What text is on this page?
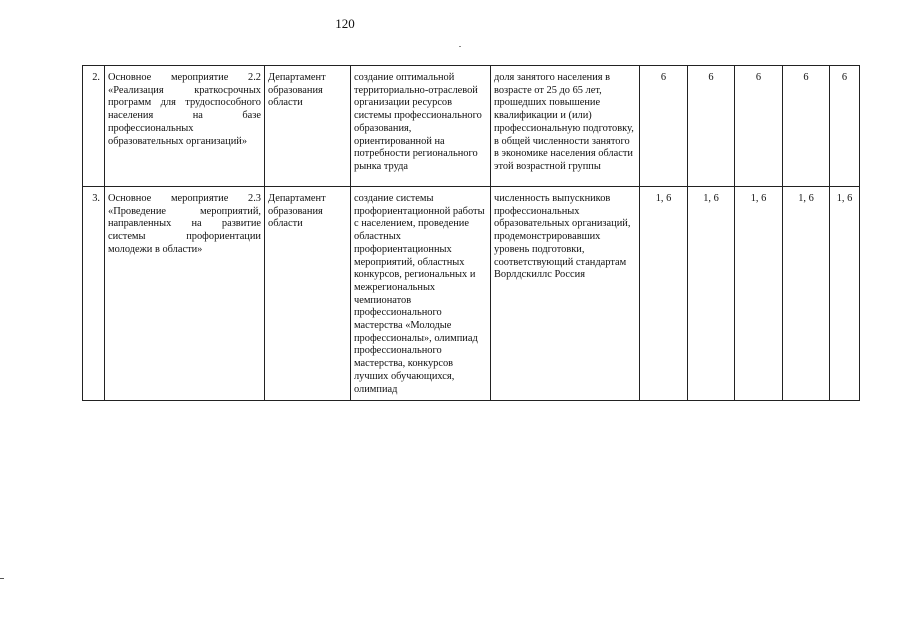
120
2.	Основное мероприятие 2.2 «Реализация краткосрочных программ для трудоспособного населения на базе профессиональных образовательных организаций»	Департамент образования области	создание оптимальной территориально-отраслевой организации ресурсов системы профессионального образования, ориентированной на потребности регионального рынка труда	доля занятого населения в возрасте от 25 до 65 лет, прошедших повышение квалификации и (или) профессиональную подготовку, в общей численности занятого в экономике населения области этой возрастной группы	6	6	6	6	6
3.	Основное мероприятие 2.3 «Проведение мероприятий, направленных на развитие системы профориентации молодежи в области»	Департамент образования области	создание системы профориентационной работы с населением, проведение областных профориентационных мероприятий, областных конкурсов, региональных и межрегиональных чемпионатов профессионального мастерства «Молодые профессионалы», олимпиад профессионального мастерства, конкурсов лучших обучающихся, олимпиад	численность выпускников профессиональных образовательных организаций, продемонстрировавших уровень подготовки, соответствующий стандартам Ворлдскиллс Россия	1, 6	1, 6	1, 6	1, 6	1, 6
